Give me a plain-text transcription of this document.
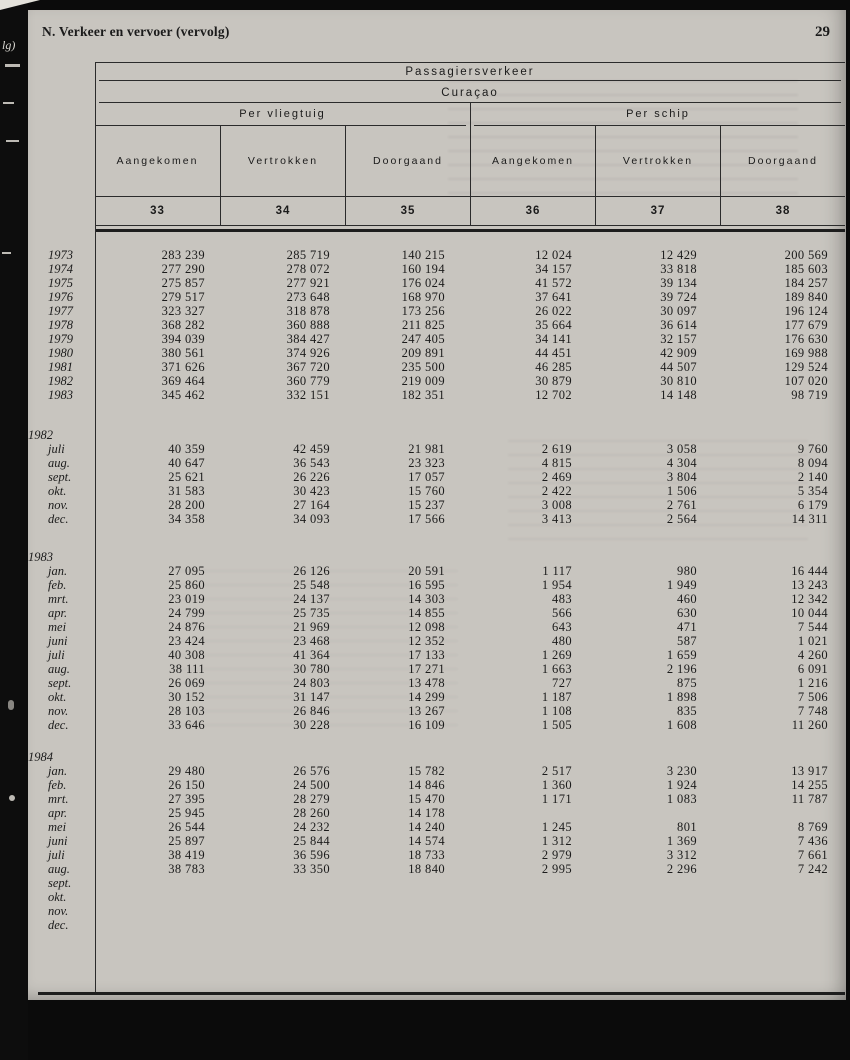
lg)
N. Verkeer en vervoer (vervolg)	29
Passagiersverkeer
Curaçao
Per vliegtuig	Per schip
Aangekomen	Vertrokken	Doorgaand	Aangekomen	Vertrokken	Doorgaand
33	34	35	36	37	38
1973	283 239	285 719	140 215	12 024	12 429	200 569
1974	277 290	278 072	160 194	34 157	33 818	185 603
1975	275 857	277 921	176 024	41 572	39 134	184 257
1976	279 517	273 648	168 970	37 641	39 724	189 840
1977	323 327	318 878	173 256	26 022	30 097	196 124
1978	368 282	360 888	211 825	35 664	36 614	177 679
1979	394 039	384 427	247 405	34 141	32 157	176 630
1980	380 561	374 926	209 891	44 451	42 909	169 988
1981	371 626	367 720	235 500	46 285	44 507	129 524
1982	369 464	360 779	219 009	30 879	30 810	107 020
1983	345 462	332 151	182 351	12 702	14 148	98 719
1982
juli	40 359	42 459	21 981	2 619	3 058	9 760
aug.	40 647	36 543	23 323	4 815	4 304	8 094
sept.	25 621	26 226	17 057	2 469	3 804	2 140
okt.	31 583	30 423	15 760	2 422	1 506	5 354
nov.	28 200	27 164	15 237	3 008	2 761	6 179
dec.	34 358	34 093	17 566	3 413	2 564	14 311
1983
jan.	27 095	26 126	20 591	1 117	980	16 444
feb.	25 860	25 548	16 595	1 954	1 949	13 243
mrt.	23 019	24 137	14 303	483	460	12 342
apr.	24 799	25 735	14 855	566	630	10 044
mei	24 876	21 969	12 098	643	471	7 544
juni	23 424	23 468	12 352	480	587	1 021
juli	40 308	41 364	17 133	1 269	1 659	4 260
aug.	38 111	30 780	17 271	1 663	2 196	6 091
sept.	26 069	24 803	13 478	727	875	1 216
okt.	30 152	31 147	14 299	1 187	1 898	7 506
nov.	28 103	26 846	13 267	1 108	835	7 748
dec.	33 646	30 228	16 109	1 505	1 608	11 260
1984
jan.	29 480	26 576	15 782	2 517	3 230	13 917
feb.	26 150	24 500	14 846	1 360	1 924	14 255
mrt.	27 395	28 279	15 470	1 171	1 083	11 787
apr.	25 945	28 260	14 178
mei	26 544	24 232	14 240	1 245	801	8 769
juni	25 897	25 844	14 574	1 312	1 369	7 436
juli	38 419	36 596	18 733	2 979	3 312	7 661
aug.	38 783	33 350	18 840	2 995	2 296	7 242
sept.
okt.
nov.
dec.
